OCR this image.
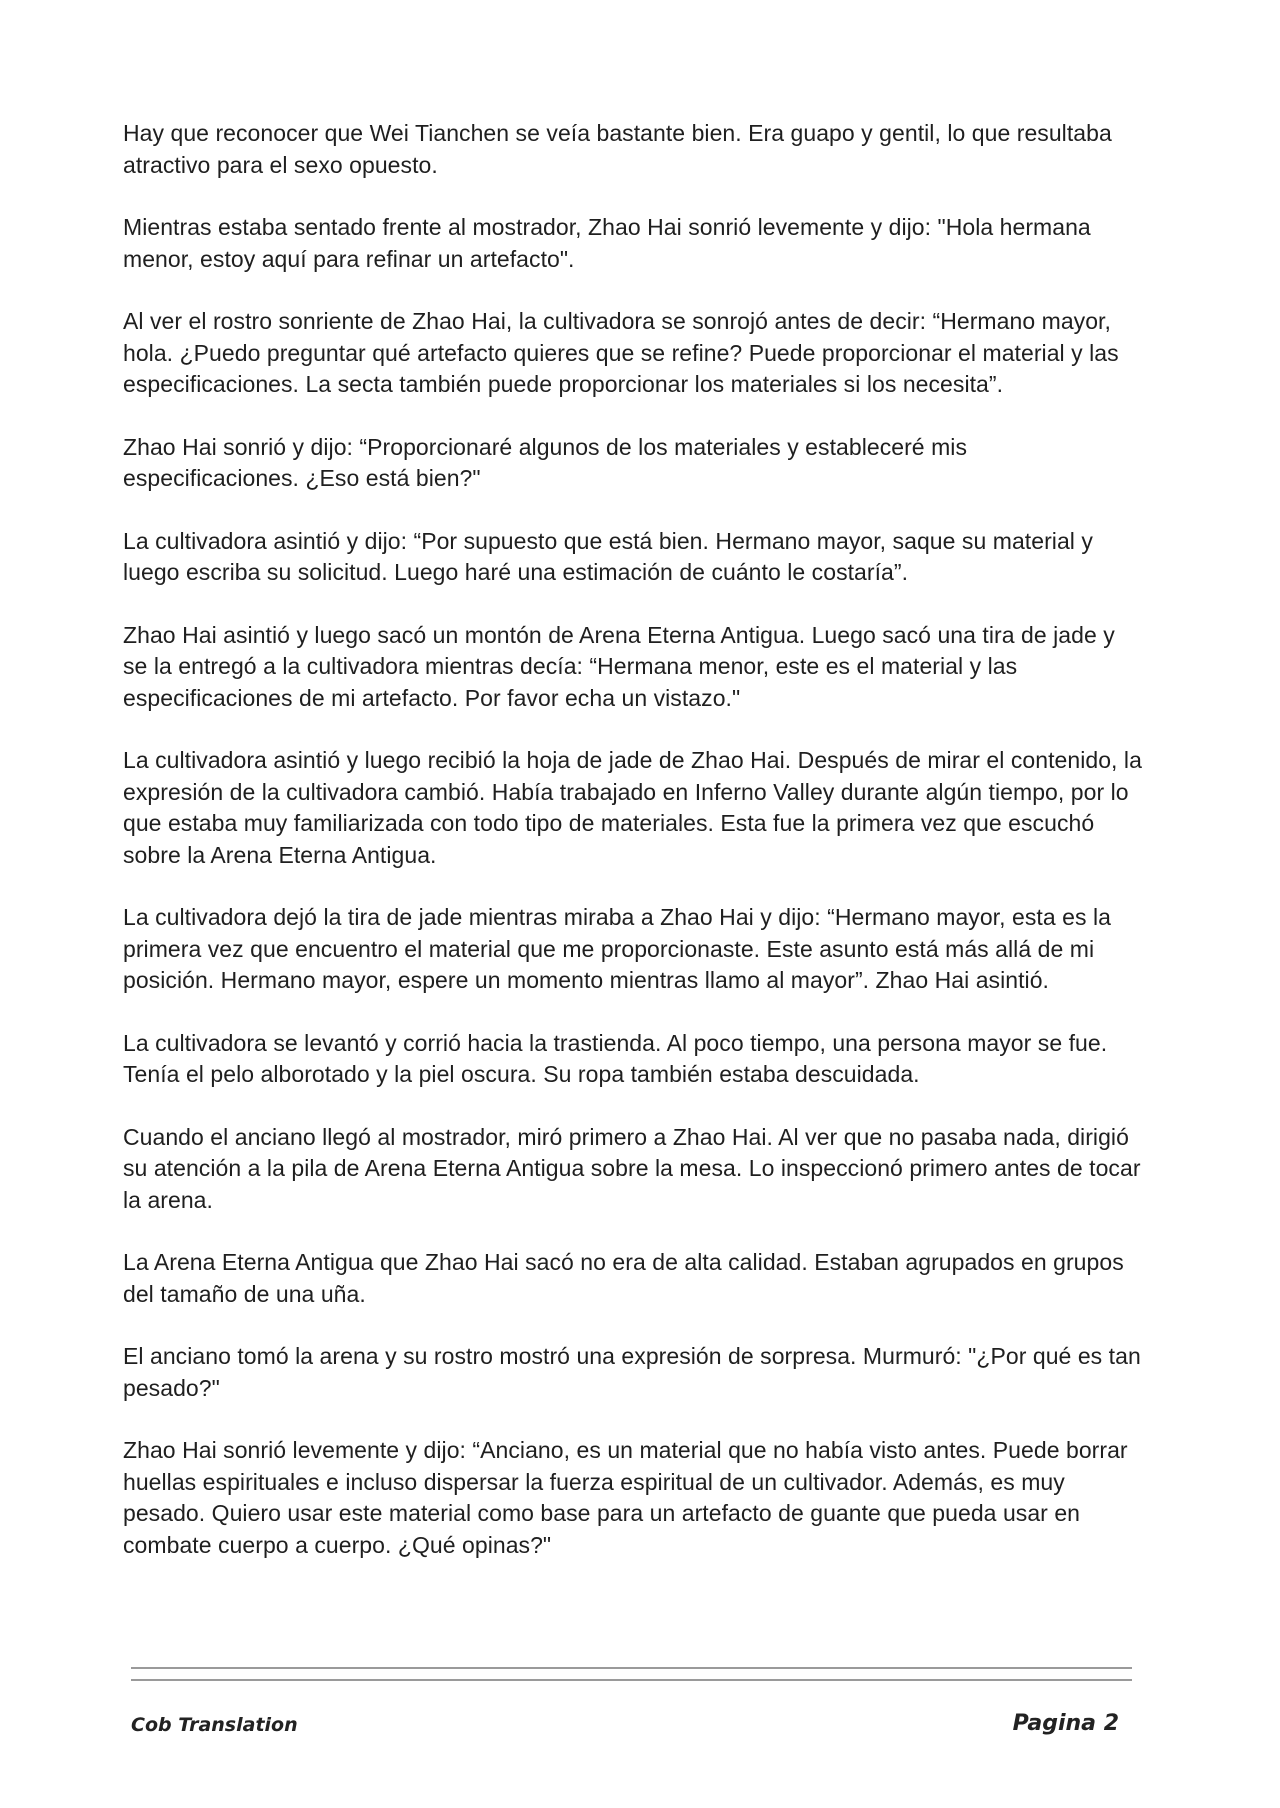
Hay que reconocer que Wei Tianchen se veía bastante bien. Era guapo y gentil, lo que resultaba atractivo para el sexo opuesto.

Mientras estaba sentado frente al mostrador, Zhao Hai sonrió levemente y dijo: "Hola hermana menor, estoy aquí para refinar un artefacto".

Al ver el rostro sonriente de Zhao Hai, la cultivadora se sonrojó antes de decir: “Hermano mayor, hola. ¿Puedo preguntar qué artefacto quieres que se refine? Puede proporcionar el material y las especificaciones. La secta también puede proporcionar los materiales si los necesita”.

Zhao Hai sonrió y dijo: “Proporcionaré algunos de los materiales y estableceré mis especificaciones. ¿Eso está bien?"

La cultivadora asintió y dijo: “Por supuesto que está bien. Hermano mayor, saque su material y luego escriba su solicitud. Luego haré una estimación de cuánto le costaría”.

Zhao Hai asintió y luego sacó un montón de Arena Eterna Antigua. Luego sacó una tira de jade y se la entregó a la cultivadora mientras decía: “Hermana menor, este es el material y las especificaciones de mi artefacto. Por favor echa un vistazo."

La cultivadora asintió y luego recibió la hoja de jade de Zhao Hai. Después de mirar el contenido, la expresión de la cultivadora cambió. Había trabajado en Inferno Valley durante algún tiempo, por lo que estaba muy familiarizada con todo tipo de materiales. Esta fue la primera vez que escuchó sobre la Arena Eterna Antigua.

La cultivadora dejó la tira de jade mientras miraba a Zhao Hai y dijo: “Hermano mayor, esta es la primera vez que encuentro el material que me proporcionaste. Este asunto está más allá de mi posición. Hermano mayor, espere un momento mientras llamo al mayor”. Zhao Hai asintió.

La cultivadora se levantó y corrió hacia la trastienda. Al poco tiempo, una persona mayor se fue. Tenía el pelo alborotado y la piel oscura. Su ropa también estaba descuidada.

Cuando el anciano llegó al mostrador, miró primero a Zhao Hai. Al ver que no pasaba nada, dirigió su atención a la pila de Arena Eterna Antigua sobre la mesa. Lo inspeccionó primero antes de tocar la arena.

La Arena Eterna Antigua que Zhao Hai sacó no era de alta calidad. Estaban agrupados en grupos del tamaño de una uña.

El anciano tomó la arena y su rostro mostró una expresión de sorpresa. Murmuró: "¿Por qué es tan pesado?"

Zhao Hai sonrió levemente y dijo: “Anciano, es un material que no había visto antes. Puede borrar huellas espirituales e incluso dispersar la fuerza espiritual de un cultivador. Además, es muy pesado. Quiero usar este material como base para un artefacto de guante que pueda usar en combate cuerpo a cuerpo. ¿Qué opinas?"

Cob Translation	Pagina 2
